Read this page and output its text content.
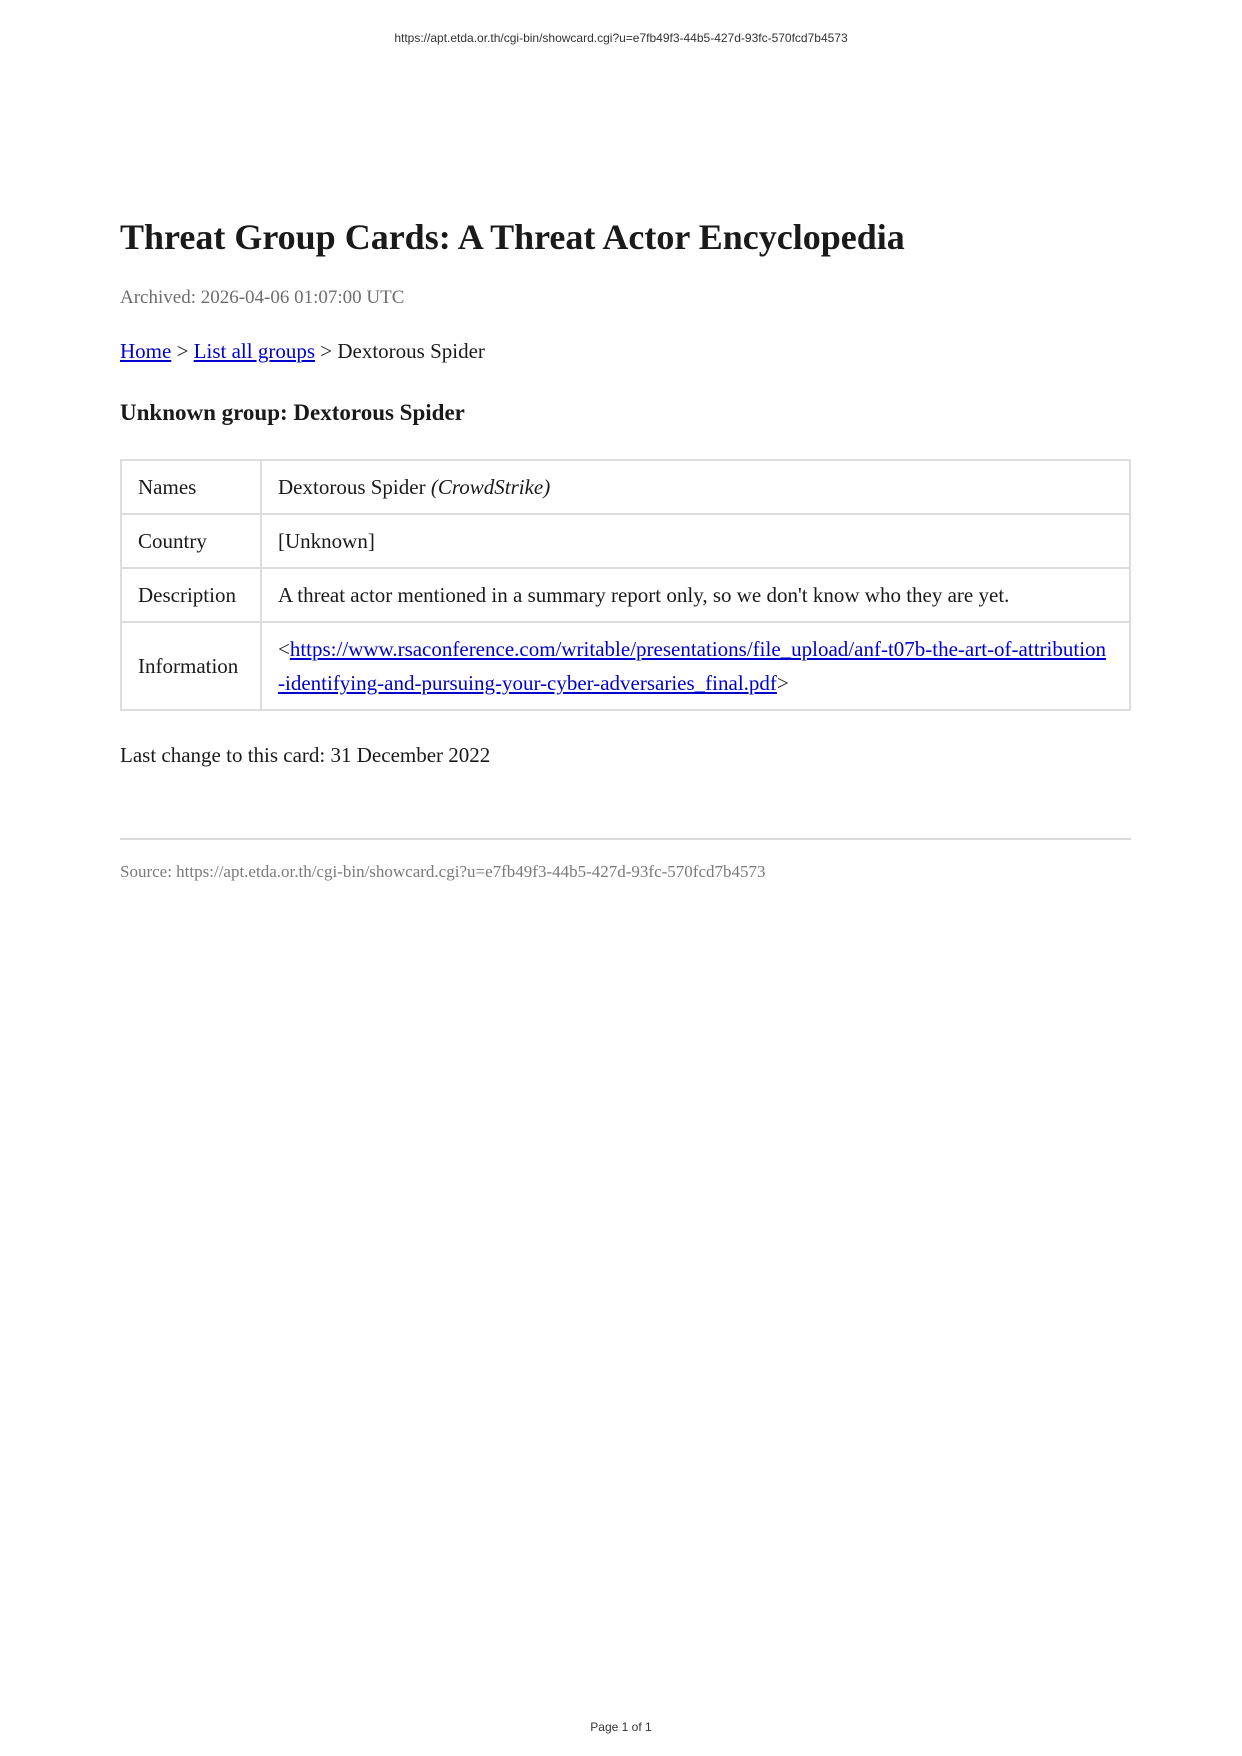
https://apt.etda.or.th/cgi-bin/showcard.cgi?u=e7fb49f3-44b5-427d-93fc-570fcd7b4573
Threat Group Cards: A Threat Actor Encyclopedia
Archived: 2026-04-06 01:07:00 UTC
Home > List all groups > Dextorous Spider
Unknown group: Dextorous Spider
Names	Dextorous Spider (CrowdStrike)
Country	[Unknown]
Description	A threat actor mentioned in a summary report only, so we don't know who they are yet.
Information	<https://www.rsaconference.com/writable/presentations/file_upload/anf-t07b-the-art-of-attribution-identifying-and-pursuing-your-cyber-adversaries_final.pdf>
Last change to this card: 31 December 2022
Source: https://apt.etda.or.th/cgi-bin/showcard.cgi?u=e7fb49f3-44b5-427d-93fc-570fcd7b4573
Page 1 of 1
